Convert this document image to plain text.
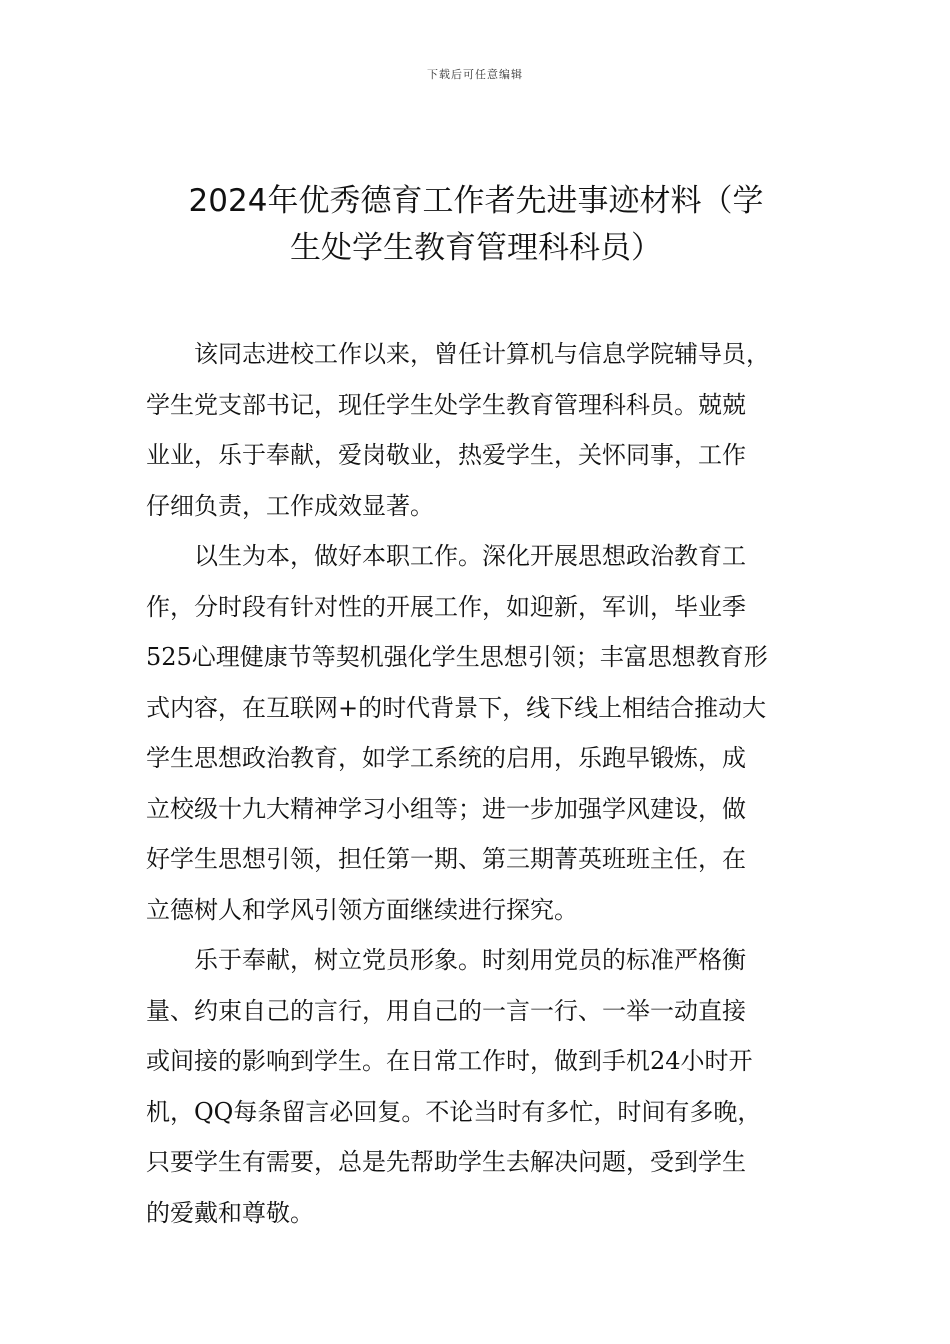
下载后可任意编辑
2024年优秀德育工作者先进事迹材料（学
生处学生教育管理科科员）
该同志进校工作以来，曾任计算机与信息学院辅导员，
学生党支部书记，现任学生处学生教育管理科科员。兢兢
业业，乐于奉献，爱岗敬业，热爱学生，关怀同事，工作
仔细负责，工作成效显著。
以生为本，做好本职工作。深化开展思想政治教育工
作，分时段有针对性的开展工作，如迎新，军训，毕业季
525心理健康节等契机强化学生思想引领；丰富思想教育形
式内容，在互联网+的时代背景下，线下线上相结合推动大
学生思想政治教育，如学工系统的启用，乐跑早锻炼，成
立校级十九大精神学习小组等；进一步加强学风建设，做
好学生思想引领，担任第一期、第三期菁英班班主任，在
立德树人和学风引领方面继续进行探究。
乐于奉献，树立党员形象。时刻用党员的标准严格衡
量、约束自己的言行，用自己的一言一行、一举一动直接
或间接的影响到学生。在日常工作时，做到手机24小时开
机，QQ每条留言必回复。不论当时有多忙，时间有多晚，
只要学生有需要，总是先帮助学生去解决问题，受到学生
的爱戴和尊敬。
